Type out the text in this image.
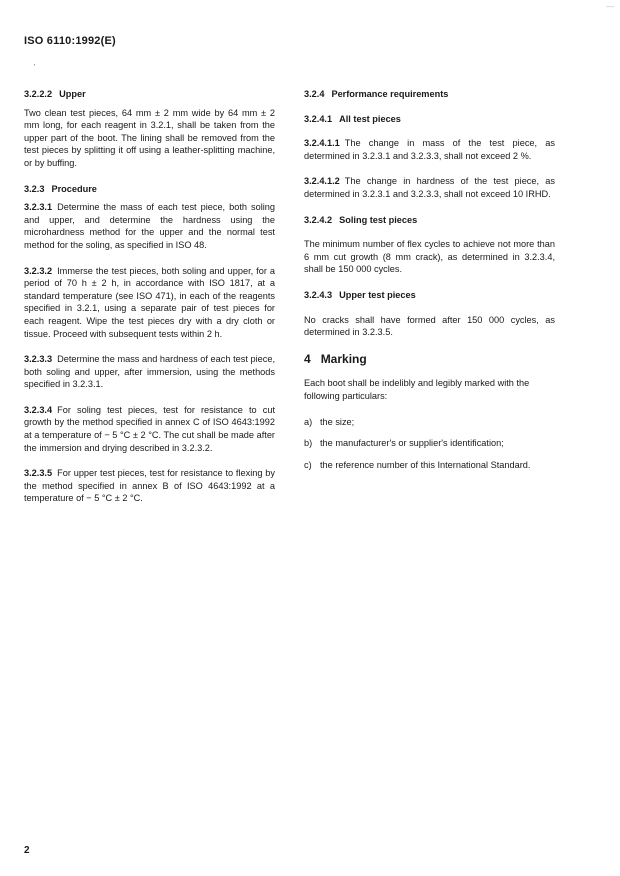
—
ISO 6110:1992(E)
'
3.2.2.2 Upper

Two clean test pieces, 64 mm ± 2 mm wide by 64 mm ± 2 mm long, for each reagent in 3.2.1, shall be taken from the upper part of the boot. The lining shall be removed from the test pieces by splitting it off using a leather-splitting machine, or by buffing.

3.2.3 Procedure

3.2.3.1 Determine the mass of each test piece, both soling and upper, and determine the hardness using the microhardness method for the upper and the normal test method for the soling, as specified in ISO 48.

3.2.3.2 Immerse the test pieces, both soling and upper, for a period of 70 h ± 2 h, in accordance with ISO 1817, at a standard temperature (see ISO 471), in each of the reagents specified in 3.2.1, using a separate pair of test pieces for each reagent. Wipe the test pieces dry with a dry cloth or tissue. Proceed with subsequent tests within 2 h.

3.2.3.3 Determine the mass and hardness of each test piece, both soling and upper, after immersion, using the methods specified in 3.2.3.1.

3.2.3.4 For soling test pieces, test for resistance to cut growth by the method specified in annex C of ISO 4643:1992 at a temperature of − 5 °C ± 2 °C. The cut shall be made after the immersion and drying described in 3.2.3.2.

3.2.3.5 For upper test pieces, test for resistance to flexing by the method specified in annex B of ISO 4643:1992 at a temperature of − 5 °C ± 2 °C.

3.2.4 Performance requirements
3.2.4.1 All test pieces

3.2.4.1.1 The change in mass of the test piece, as determined in 3.2.3.1 and 3.2.3.3, shall not exceed 2 %.

3.2.4.1.2 The change in hardness of the test piece, as determined in 3.2.3.1 and 3.2.3.3, shall not exceed 10 IRHD.

3.2.4.2 Soling test pieces

The minimum number of flex cycles to achieve not more than 6 mm cut growth (8 mm crack), as determined in 3.2.3.4, shall be 150 000 cycles.

3.2.4.3 Upper test pieces

No cracks shall have formed after 150 000 cycles, as determined in 3.2.3.5.

4 Marking

Each boot shall be indelibly and legibly marked with the following particulars:

a) the size;
b) the manufacturer's or supplier's identification;
c) the reference number of this International Standard.
2
